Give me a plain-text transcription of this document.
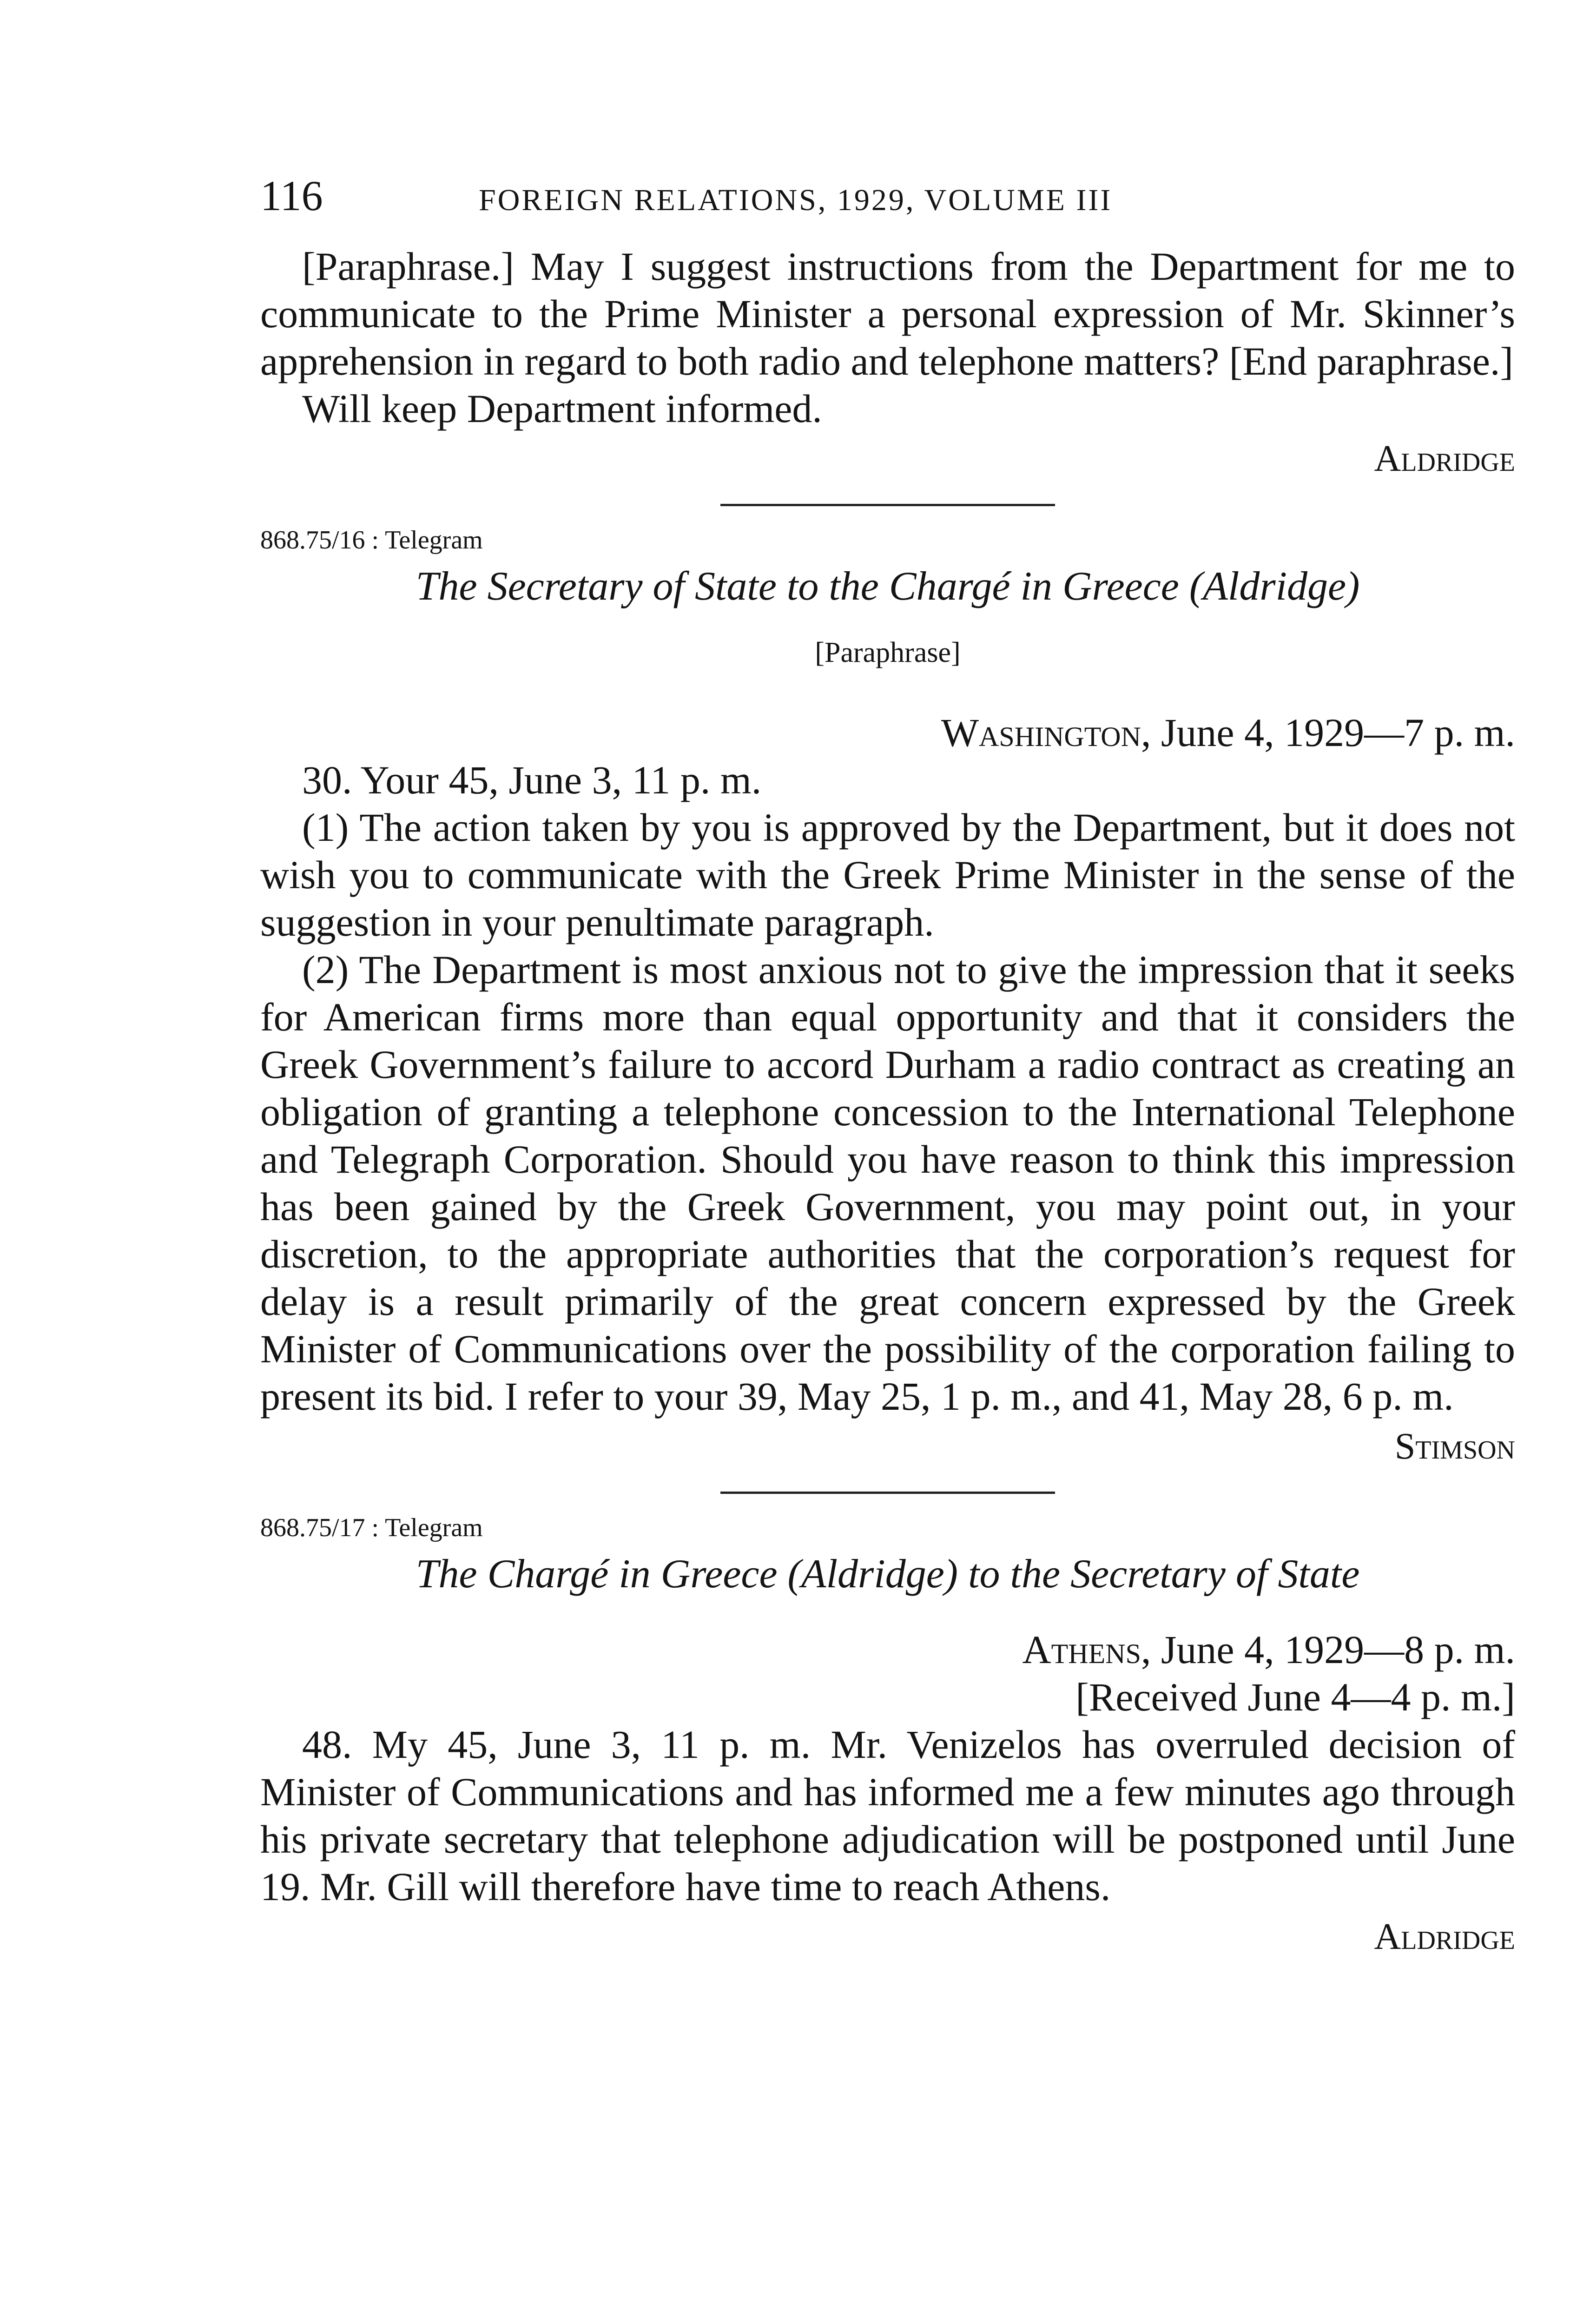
116	FOREIGN RELATIONS, 1929, VOLUME III

[Paraphrase.] May I suggest instructions from the Department for me to communicate to the Prime Minister a personal expression of Mr. Skinner’s apprehension in regard to both radio and telephone matters? [End paraphrase.]

Will keep Department informed.

Aldridge
868.75/16 : Telegram
The Secretary of State to the Chargé in Greece (Aldridge)
[Paraphrase]
Washington, June 4, 1929—7 p. m.

30. Your 45, June 3, 11 p. m.

(1) The action taken by you is approved by the Department, but it does not wish you to communicate with the Greek Prime Minister in the sense of the suggestion in your penultimate paragraph.

(2) The Department is most anxious not to give the impression that it seeks for American firms more than equal opportunity and that it considers the Greek Government’s failure to accord Durham a radio contract as creating an obligation of granting a telephone concession to the International Telephone and Telegraph Corporation. Should you have reason to think this impression has been gained by the Greek Government, you may point out, in your discretion, to the appropriate authorities that the corporation’s request for delay is a result primarily of the great concern expressed by the Greek Minister of Communications over the possibility of the corporation failing to present its bid. I refer to your 39, May 25, 1 p. m., and 41, May 28, 6 p. m.

Stimson
868.75/17 : Telegram
The Chargé in Greece (Aldridge) to the Secretary of State
Athens, June 4, 1929—8 p. m.
[Received June 4—4 p. m.]

48. My 45, June 3, 11 p. m. Mr. Venizelos has overruled decision of Minister of Communications and has informed me a few minutes ago through his private secretary that telephone adjudication will be postponed until June 19. Mr. Gill will therefore have time to reach Athens.

Aldridge
